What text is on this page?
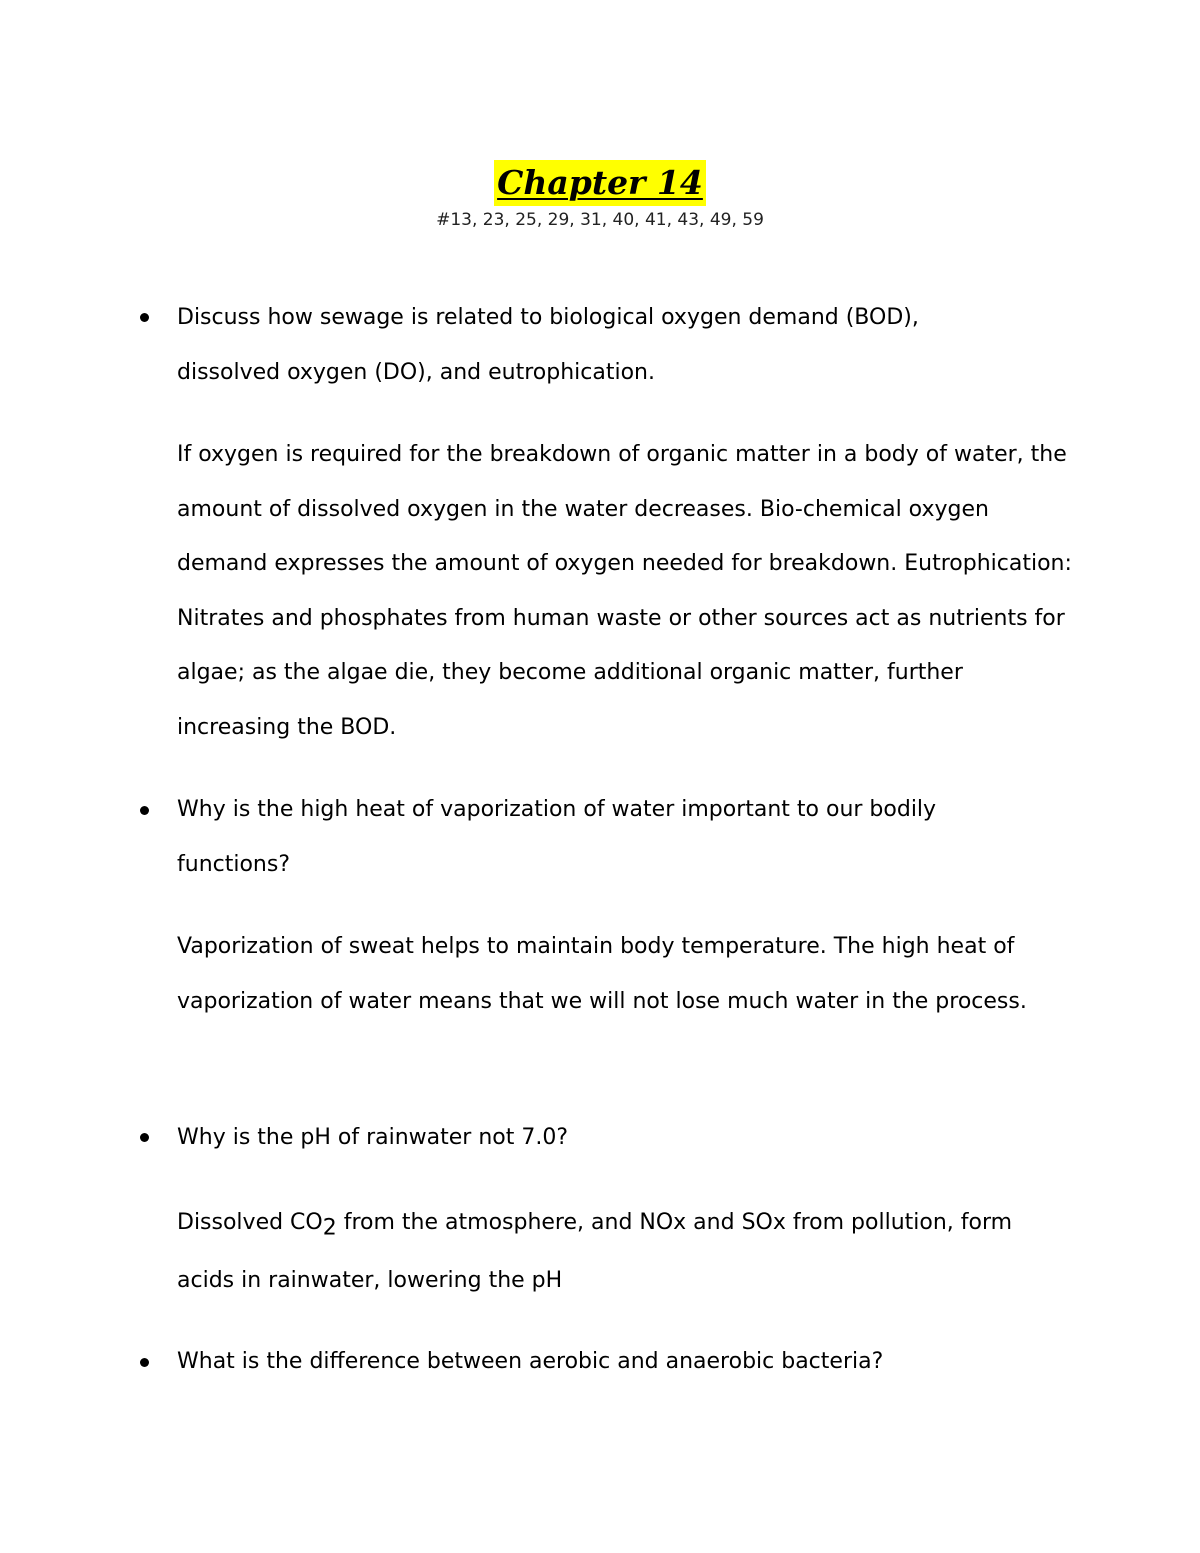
Chapter 14
#13, 23, 25, 29, 31, 40, 41, 43, 49, 59

Discuss how sewage is related to biological oxygen demand (BOD), dissolved oxygen (DO), and eutrophication.

If oxygen is required for the breakdown of organic matter in a body of water, the amount of dissolved oxygen in the water decreases. Bio-chemical oxygen demand expresses the amount of oxygen needed for breakdown. Eutrophication: Nitrates and phosphates from human waste or other sources act as nutrients for algae; as the algae die, they become additional organic matter, further increasing the BOD.

Why is the high heat of vaporization of water important to our bodily functions?

Vaporization of sweat helps to maintain body temperature. The high heat of vaporization of water means that we will not lose much water in the process.

Why is the pH of rainwater not 7.0?

Dissolved CO2 from the atmosphere, and NOx and SOx from pollution, form acids in rainwater, lowering the pH

What is the difference between aerobic and anaerobic bacteria?
